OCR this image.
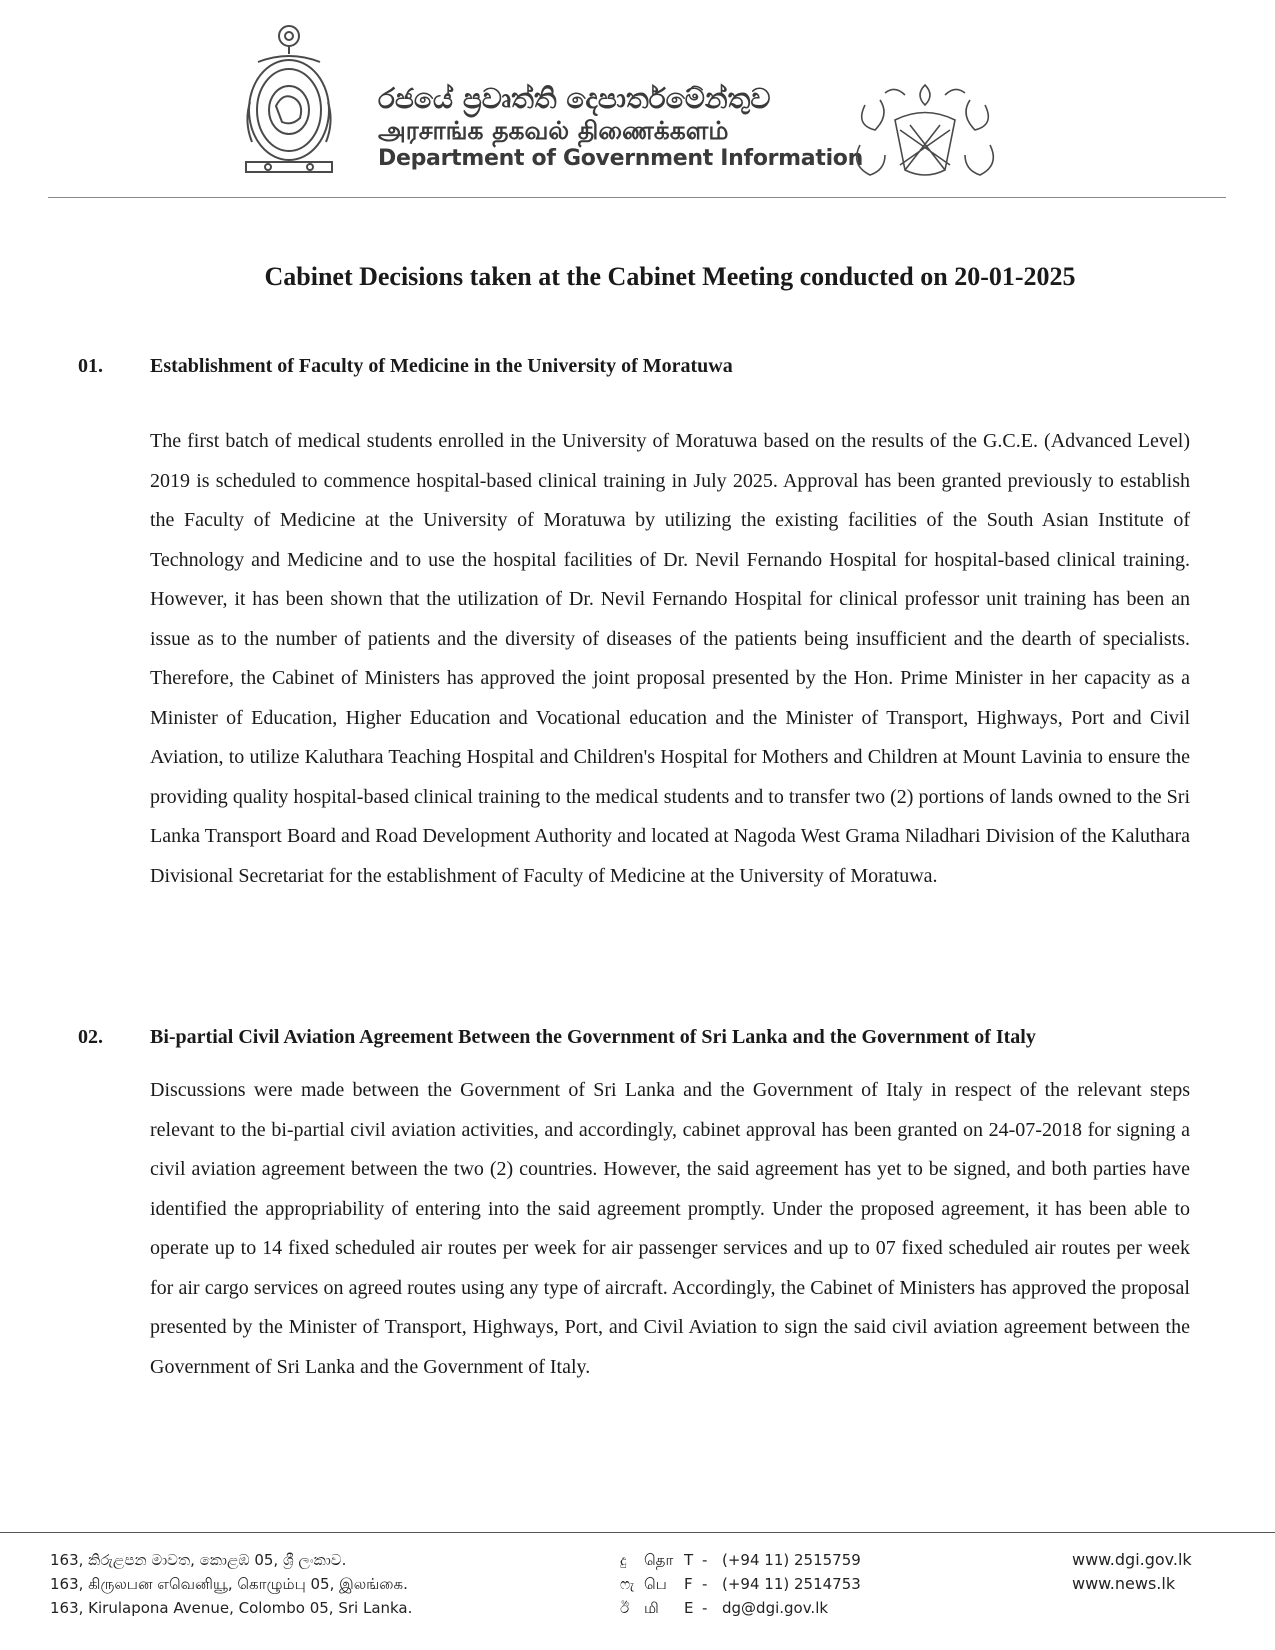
රජයේ ප්‍රවෘත්ති දෙපාර්තමේන්තුව
அரசாங்க தகவல் திணைக்களம்
Department of Government Information
Cabinet Decisions taken at the Cabinet Meeting conducted on 20-01-2025
01. Establishment of Faculty of Medicine in the University of Moratuwa

The first batch of medical students enrolled in the University of Moratuwa based on the results of the G.C.E. (Advanced Level) 2019 is scheduled to commence hospital-based clinical training in July 2025. Approval has been granted previously to establish the Faculty of Medicine at the University of Moratuwa by utilizing the existing facilities of the South Asian Institute of Technology and Medicine and to use the hospital facilities of Dr. Nevil Fernando Hospital for hospital-based clinical training. However, it has been shown that the utilization of Dr. Nevil Fernando Hospital for clinical professor unit training has been an issue as to the number of patients and the diversity of diseases of the patients being insufficient and the dearth of specialists. Therefore, the Cabinet of Ministers has approved the joint proposal presented by the Hon. Prime Minister in her capacity as a Minister of Education, Higher Education and Vocational education and the Minister of Transport, Highways, Port and Civil Aviation, to utilize Kaluthara Teaching Hospital and Children's Hospital for Mothers and Children at Mount Lavinia to ensure the providing quality hospital-based clinical training to the medical students and to transfer two (2) portions of lands owned to the Sri Lanka Transport Board and Road Development Authority and located at Nagoda West Grama Niladhari Division of the Kaluthara Divisional Secretariat for the establishment of Faculty of Medicine at the University of Moratuwa.

02. Bi-partial Civil Aviation Agreement Between the Government of Sri Lanka and the Government of Italy

Discussions were made between the Government of Sri Lanka and the Government of Italy in respect of the relevant steps relevant to the bi-partial civil aviation activities, and accordingly, cabinet approval has been granted on 24-07-2018 for signing a civil aviation agreement between the two (2) countries. However, the said agreement has yet to be signed, and both parties have identified the appropriability of entering into the said agreement promptly. Under the proposed agreement, it has been able to operate up to 14 fixed scheduled air routes per week for air passenger services and up to 07 fixed scheduled air routes per week for air cargo services on agreed routes using any type of aircraft. Accordingly, the Cabinet of Ministers has approved the proposal presented by the Minister of Transport, Highways, Port, and Civil Aviation to sign the said civil aviation agreement between the Government of Sri Lanka and the Government of Italy.

163, කිරුළපන මාවත, කොළඹ 05, ශ්‍රී ලංකාව.
163, கிருலபன எவெனியூ, கொழும்பு 05, இலங்கை.
163, Kirulapona Avenue, Colombo 05, Sri Lanka.
දු	தொ T - (+94 11) 2515759
ෆැ பெ	F - (+94 11) 2514753
ඊ மி	E - dg@dgi.gov.lk
www.dgi.gov.lk
www.news.lk
